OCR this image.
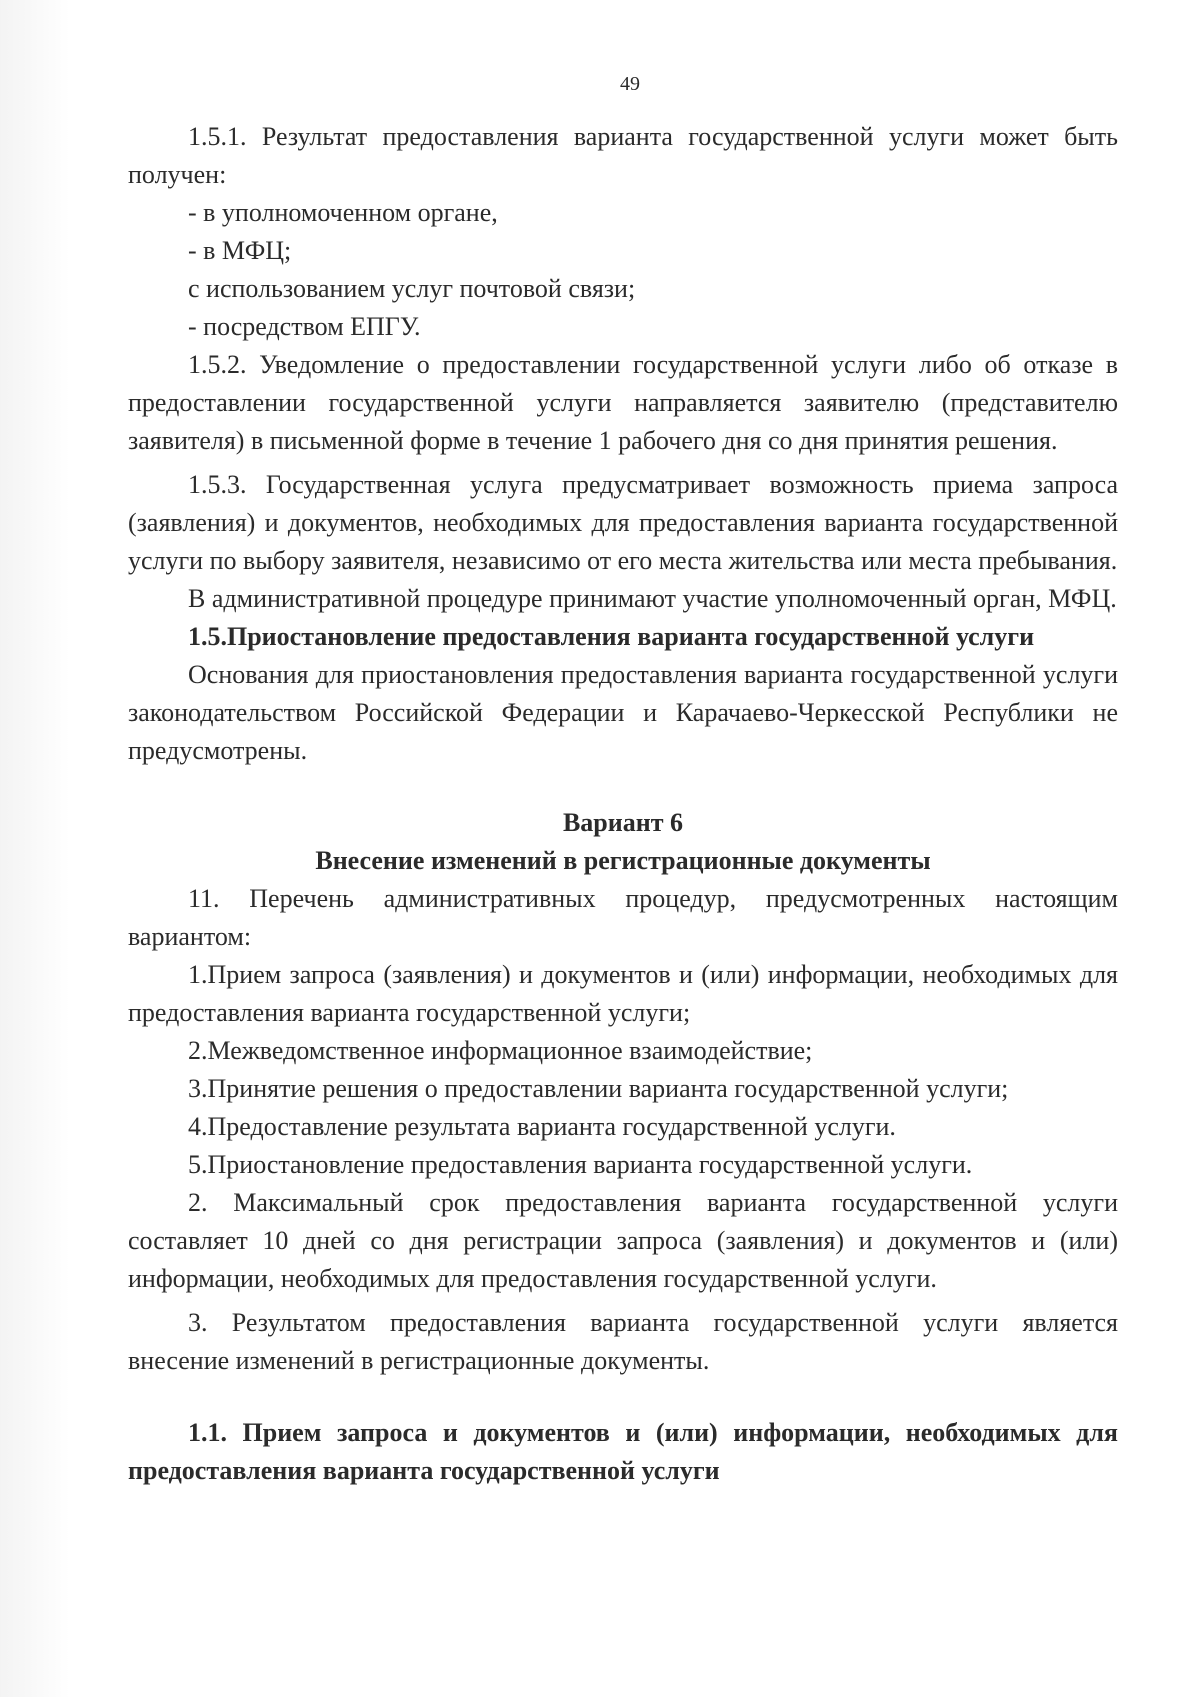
49

1.5.1. Результат предоставления варианта государственной услуги может быть получен:

- в уполномоченном органе,

- в МФЦ;

с использованием услуг почтовой связи;

- посредством ЕПГУ.

1.5.2. Уведомление о предоставлении государственной услуги либо об отказе в предоставлении государственной услуги направляется заявителю (представителю заявителя) в письменной форме в течение 1 рабочего дня со дня принятия решения.

1.5.3. Государственная услуга предусматривает возможность приема запроса (заявления) и документов, необходимых для предоставления варианта государственной услуги по выбору заявителя, независимо от его места жительства или места пребывания.

В административной процедуре принимают участие уполномоченный орган, МФЦ.

1.5.Приостановление предоставления варианта государственной услуги

Основания для приостановления предоставления варианта государственной услуги законодательством Российской Федерации и Карачаево-Черкесской Республики не предусмотрены.

Вариант 6

Внесение изменений в регистрационные документы

11. Перечень административных процедур, предусмотренных настоящим вариантом:

1.Прием запроса (заявления) и документов и (или) информации, необходимых для предоставления варианта государственной услуги;

2.Межведомственное информационное взаимодействие;

3.Принятие решения о предоставлении варианта государственной услуги;

4.Предоставление результата варианта государственной услуги.

5.Приостановление предоставления варианта государственной услуги.

2. Максимальный срок предоставления варианта государственной услуги составляет 10 дней со дня регистрации запроса (заявления) и документов и (или) информации, необходимых для предоставления государственной услуги.

3. Результатом предоставления варианта государственной услуги является внесение изменений в регистрационные документы.

1.1. Прием запроса и документов и (или) информации, необходимых для предоставления варианта государственной услуги
